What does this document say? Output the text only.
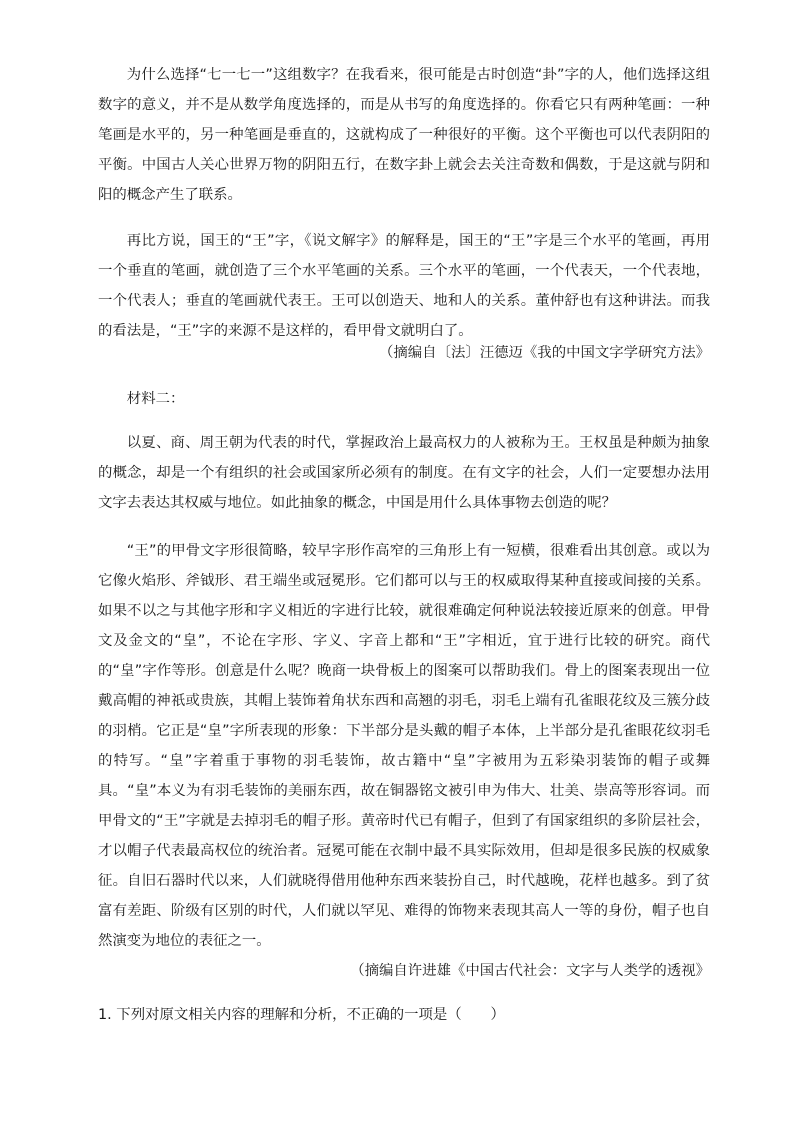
为什么选择“七一七一”这组数字？在我看来，很可能是古时创造“卦”字的人，他们选择这组数字的意义，并不是从数学角度选择的，而是从书写的角度选择的。你看它只有两种笔画：一种笔画是水平的，另一种笔画是垂直的，这就构成了一种很好的平衡。这个平衡也可以代表阴阳的平衡。中国古人关心世界万物的阴阳五行，在数字卦上就会去关注奇数和偶数，于是这就与阴和阳的概念产生了联系。

再比方说，国王的“王”字，《说文解字》的解释是，国王的“王”字是三个水平的笔画，再用一个垂直的笔画，就创造了三个水平笔画的关系。三个水平的笔画，一个代表天，一个代表地，一个代表人；垂直的笔画就代表王。王可以创造天、地和人的关系。董仲舒也有这种讲法。而我的看法是，“王”字的来源不是这样的，看甲骨文就明白了。

（摘编自〔法〕汪德迈《我的中国文字学研究方法》

材料二：

以夏、商、周王朝为代表的时代，掌握政治上最高权力的人被称为王。王权虽是种颇为抽象的概念，却是一个有组织的社会或国家所必须有的制度。在有文字的社会，人们一定要想办法用文字去表达其权威与地位。如此抽象的概念，中国是用什么具体事物去创造的呢？

“王”的甲骨文字形很简略，较早字形作高窄的三角形上有一短横，很难看出其创意。或以为它像火焰形、斧钺形、君王端坐或冠冕形。它们都可以与王的权威取得某种直接或间接的关系。如果不以之与其他字形和字义相近的字进行比较，就很难确定何种说法较接近原来的创意。甲骨文及金文的“皇”，不论在字形、字义、字音上都和“王”字相近，宜于进行比较的研究。商代的“皇”字作等形。创意是什么呢？晚商一块骨板上的图案可以帮助我们。骨上的图案表现出一位戴高帽的神祇或贵族，其帽上装饰着角状东西和高翘的羽毛，羽毛上端有孔雀眼花纹及三簇分歧的羽梢。它正是“皇”字所表现的形象：下半部分是头戴的帽子本体，上半部分是孔雀眼花纹羽毛的特写。“皇”字着重于事物的羽毛装饰，故古籍中“皇”字被用为五彩染羽装饰的帽子或舞具。“皇”本义为有羽毛装饰的美丽东西，故在铜器铭文被引申为伟大、壮美、崇高等形容词。而甲骨文的“王”字就是去掉羽毛的帽子形。黄帝时代已有帽子，但到了有国家组织的多阶层社会，才以帽子代表最高权位的统治者。冠冕可能在衣制中最不具实际效用，但却是很多民族的权威象征。自旧石器时代以来，人们就晓得借用他种东西来装扮自己，时代越晚，花样也越多。到了贫富有差距、阶级有区别的时代，人们就以罕见、难得的饰物来表现其高人一等的身份，帽子也自然演变为地位的表征之一。

（摘编自许进雄《中国古代社会：文字与人类学的透视》

1. 下列对原文相关内容的理解和分析，不正确的一项是（　　）
